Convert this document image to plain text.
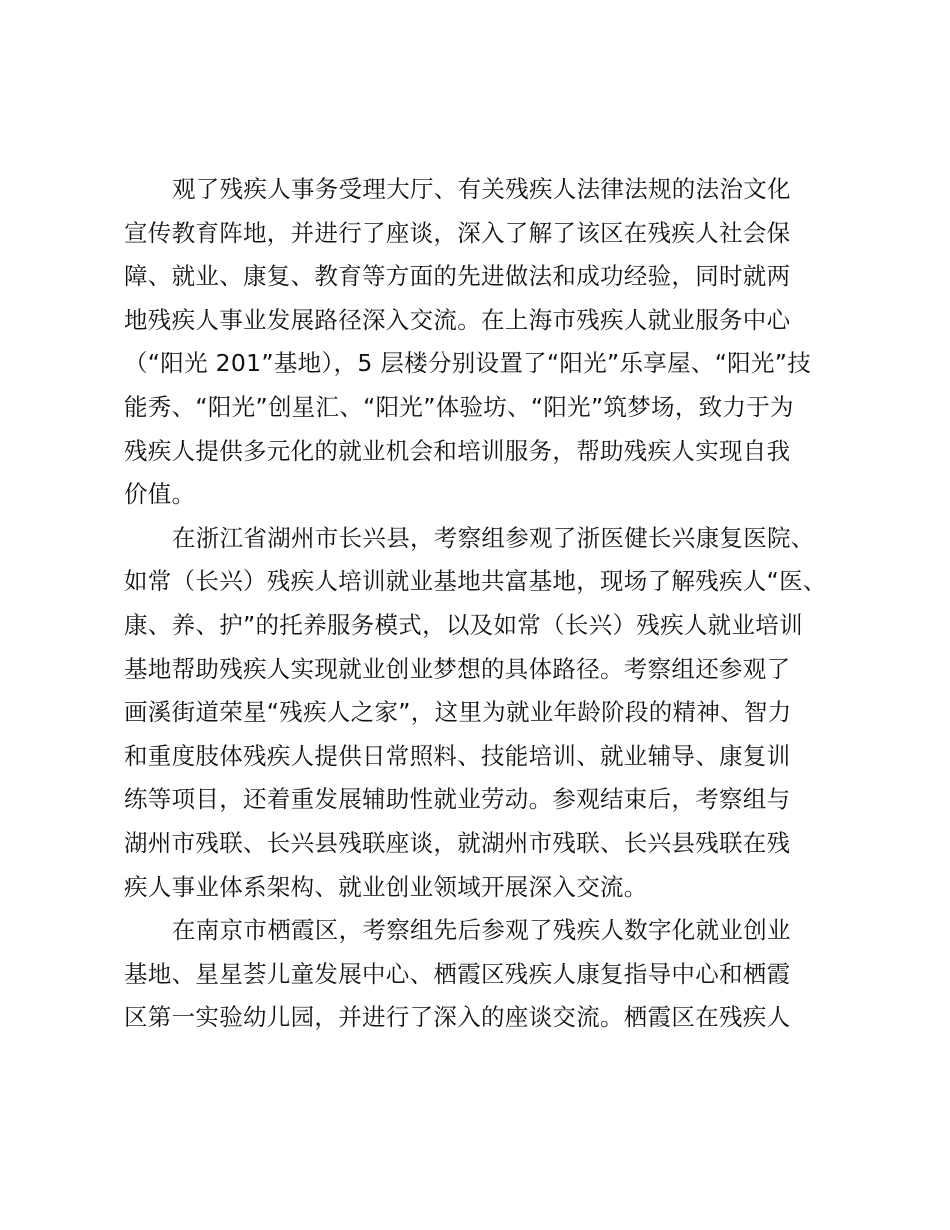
观了残疾人事务受理大厅、有关残疾人法律法规的法治文化
宣传教育阵地，并进行了座谈，深入了解了该区在残疾人社会保
障、就业、康复、教育等方面的先进做法和成功经验，同时就两
地残疾人事业发展路径深入交流。在上海市残疾人就业服务中心
（“阳光 201”基地），5 层楼分别设置了“阳光”乐享屋、“阳光”技
能秀、“阳光”创星汇、“阳光”体验坊、“阳光”筑梦场，致力于为
残疾人提供多元化的就业机会和培训服务，帮助残疾人实现自我
价值。
在浙江省湖州市长兴县，考察组参观了浙医健长兴康复医院、
如常（长兴）残疾人培训就业基地共富基地，现场了解残疾人“医、
康、养、护”的托养服务模式，以及如常（长兴）残疾人就业培训
基地帮助残疾人实现就业创业梦想的具体路径。考察组还参观了
画溪街道荣星“残疾人之家”，这里为就业年龄阶段的精神、智力
和重度肢体残疾人提供日常照料、技能培训、就业辅导、康复训
练等项目，还着重发展辅助性就业劳动。参观结束后，考察组与
湖州市残联、长兴县残联座谈，就湖州市残联、长兴县残联在残
疾人事业体系架构、就业创业领域开展深入交流。
在南京市栖霞区，考察组先后参观了残疾人数字化就业创业
基地、星星荟儿童发展中心、栖霞区残疾人康复指导中心和栖霞
区第一实验幼儿园，并进行了深入的座谈交流。栖霞区在残疾人
